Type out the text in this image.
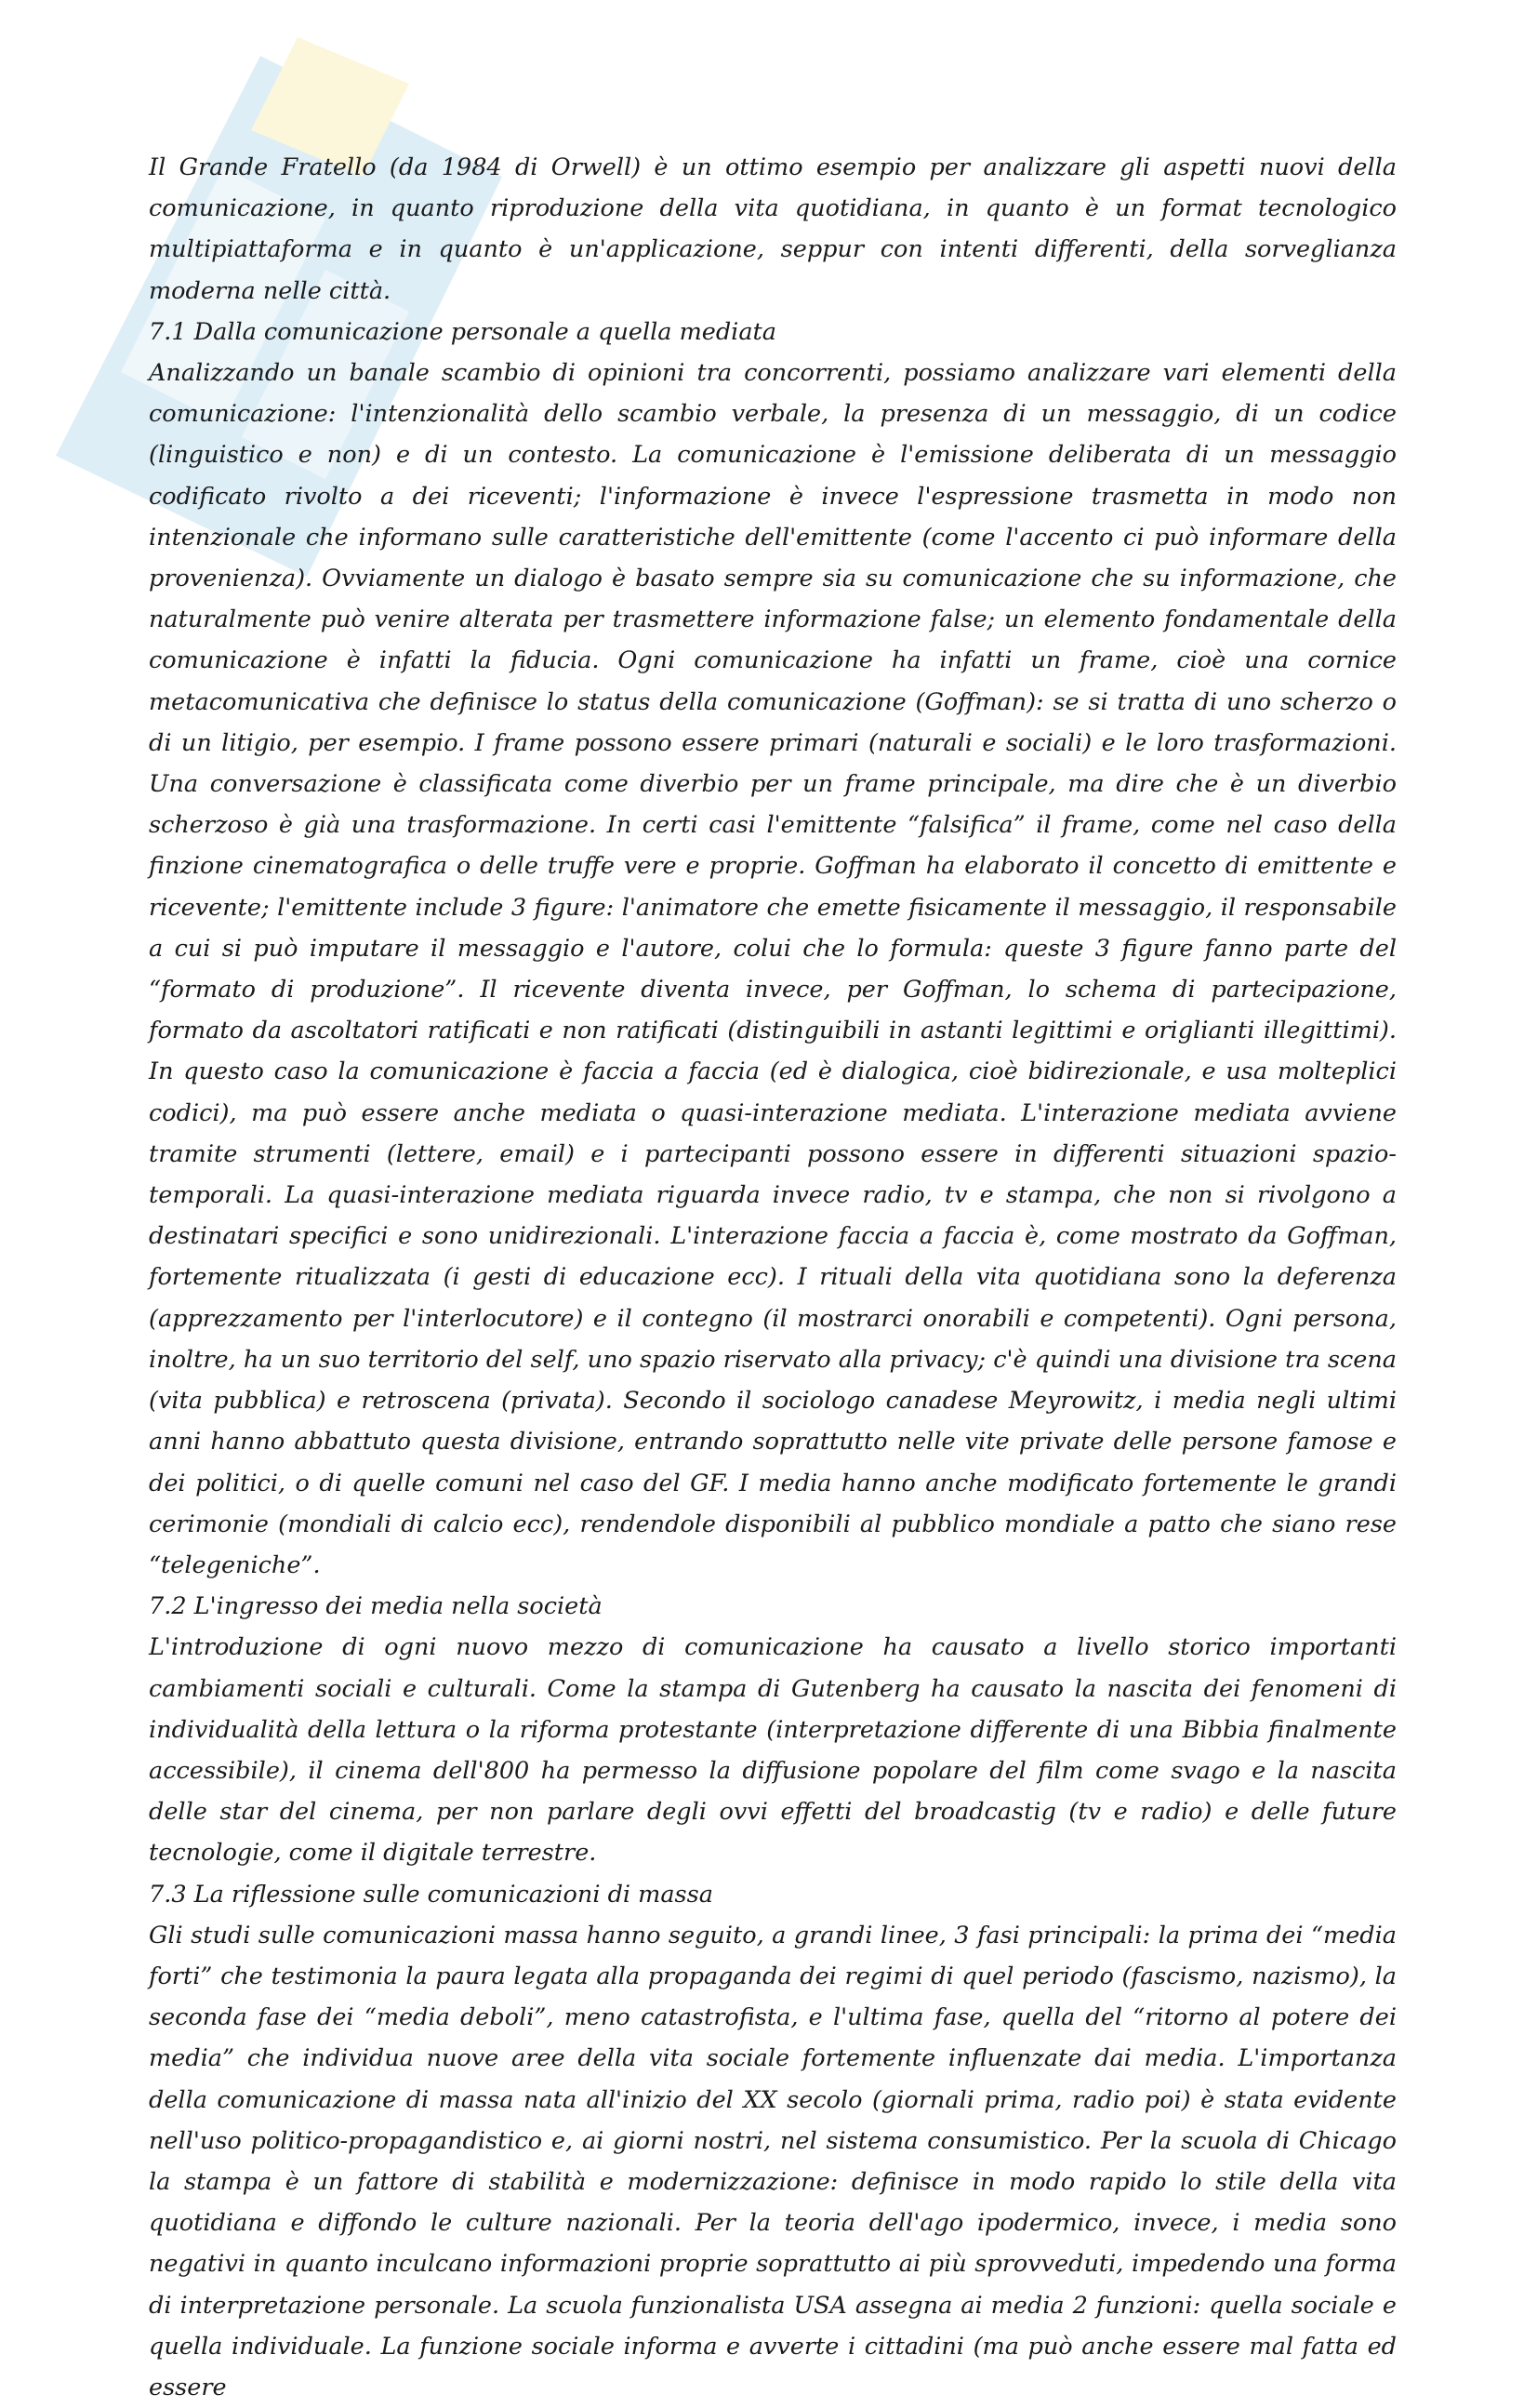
Il Grande Fratello (da 1984 di Orwell) è un ottimo esempio per analizzare gli aspetti nuovi della comunicazione, in quanto riproduzione della vita quotidiana, in quanto è un format tecnologico multipiattaforma e in quanto è un'applicazione, seppur con intenti differenti, della sorveglianza moderna nelle città.

7.1 Dalla comunicazione personale a quella mediata

Analizzando un banale scambio di opinioni tra concorrenti, possiamo analizzare vari elementi della comunicazione: l'intenzionalità dello scambio verbale, la presenza di un messaggio, di un codice (linguistico e non) e di un contesto. La comunicazione è l'emissione deliberata di un messaggio codificato rivolto a dei riceventi; l'informazione è invece l'espressione trasmetta in modo non intenzionale che informano sulle caratteristiche dell'emittente (come l'accento ci può informare della provenienza). Ovviamente un dialogo è basato sempre sia su comunicazione che su informazione, che naturalmente può venire alterata per trasmettere informazione false; un elemento fondamentale della comunicazione è infatti la fiducia. Ogni comunicazione ha infatti un frame, cioè una cornice metacomunicativa che definisce lo status della comunicazione (Goffman): se si tratta di uno scherzo o di un litigio, per esempio. I frame possono essere primari (naturali e sociali) e le loro trasformazioni. Una conversazione è classificata come diverbio per un frame principale, ma dire che è un diverbio scherzoso è già una trasformazione. In certi casi l'emittente “falsifica” il frame, come nel caso della finzione cinematografica o delle truffe vere e proprie. Goffman ha elaborato il concetto di emittente e ricevente; l'emittente include 3 figure: l'animatore che emette fisicamente il messaggio, il responsabile a cui si può imputare il messaggio e l'autore, colui che lo formula: queste 3 figure fanno parte del “formato di produzione”. Il ricevente diventa invece, per Goffman, lo schema di partecipazione, formato da ascoltatori ratificati e non ratificati (distinguibili in astanti legittimi e origlianti illegittimi). In questo caso la comunicazione è faccia a faccia (ed è dialogica, cioè bidirezionale, e usa molteplici codici), ma può essere anche mediata o quasi-interazione mediata. L'interazione mediata avviene tramite strumenti (lettere, email) e i partecipanti possono essere in differenti situazioni spazio-temporali. La quasi-interazione mediata riguarda invece radio, tv e stampa, che non si rivolgono a destinatari specifici e sono unidirezionali. L'interazione faccia a faccia è, come mostrato da Goffman, fortemente ritualizzata (i gesti di educazione ecc). I rituali della vita quotidiana sono la deferenza (apprezzamento per l'interlocutore) e il contegno (il mostrarci onorabili e competenti). Ogni persona, inoltre, ha un suo territorio del self, uno spazio riservato alla privacy; c'è quindi una divisione tra scena (vita pubblica) e retroscena (privata). Secondo il sociologo canadese Meyrowitz, i media negli ultimi anni hanno abbattuto questa divisione, entrando soprattutto nelle vite private delle persone famose e dei politici, o di quelle comuni nel caso del GF. I media hanno anche modificato fortemente le grandi cerimonie (mondiali di calcio ecc), rendendole disponibili al pubblico mondiale a patto che siano rese “telegeniche”.

7.2 L'ingresso dei media nella società

L'introduzione di ogni nuovo mezzo di comunicazione ha causato a livello storico importanti cambiamenti sociali e culturali. Come la stampa di Gutenberg ha causato la nascita dei fenomeni di individualità della lettura o la riforma protestante (interpretazione differente di una Bibbia finalmente accessibile), il cinema dell'800 ha permesso la diffusione popolare del film come svago e la nascita delle star del cinema, per non parlare degli ovvi effetti del broadcastig (tv e radio) e delle future tecnologie, come il digitale terrestre.

7.3 La riflessione sulle comunicazioni di massa

Gli studi sulle comunicazioni massa hanno seguito, a grandi linee, 3 fasi principali: la prima dei “media forti” che testimonia la paura legata alla propaganda dei regimi di quel periodo (fascismo, nazismo), la seconda fase dei “media deboli”, meno catastrofista, e l'ultima fase, quella del “ritorno al potere dei media” che individua nuove aree della vita sociale fortemente influenzate dai media. L'importanza della comunicazione di massa nata all'inizio del XX secolo (giornali prima, radio poi) è stata evidente nell'uso politico-propagandistico e, ai giorni nostri, nel sistema consumistico. Per la scuola di Chicago la stampa è un fattore di stabilità e modernizzazione: definisce in modo rapido lo stile della vita quotidiana e diffondo le culture nazionali. Per la teoria dell'ago ipodermico, invece, i media sono negativi in quanto inculcano informazioni proprie soprattutto ai più sprovveduti, impedendo una forma di interpretazione personale. La scuola funzionalista USA assegna ai media 2 funzioni: quella sociale e quella individuale. La funzione sociale informa e avverte i cittadini (ma può anche essere mal fatta ed essere
